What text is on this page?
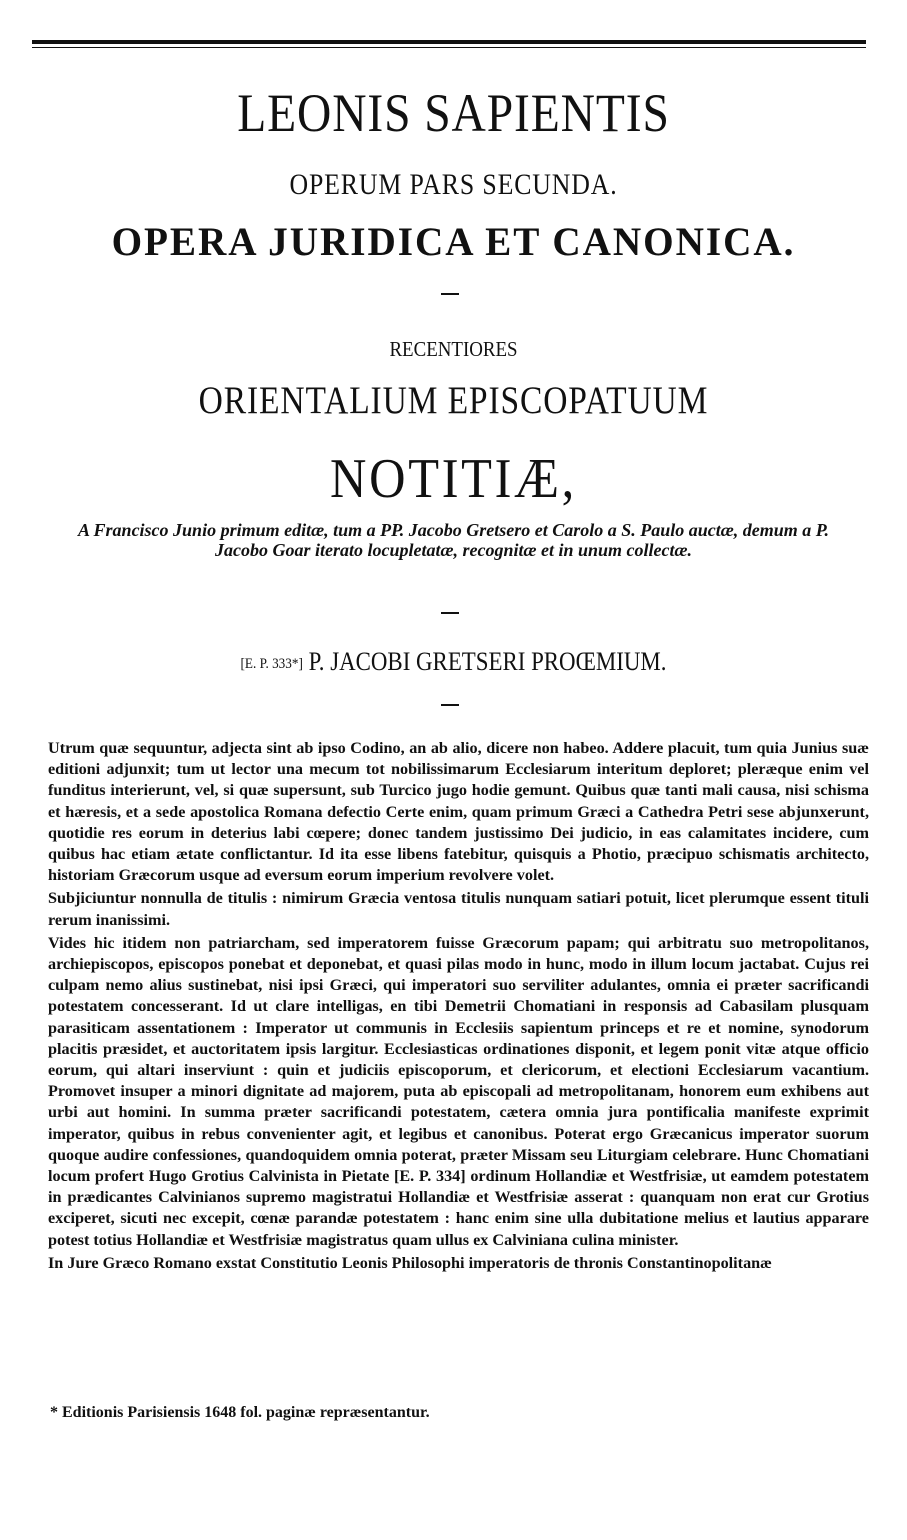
LEONIS SAPIENTIS
OPERUM PARS SECUNDA.
OPERA JURIDICA ET CANONICA.
RECENTIORES
ORIENTALIUM EPISCOPATUUM
NOTITIÆ,
A Francisco Junio primum editæ, tum a PP. Jacobo Gretsero et Carolo a S. Paulo auctæ, demum a P. Jacobo Goar iterato locupletatæ, recognitæ et in unum collectæ.
[E. P. 333*] P. JACOBI GRETSERI PROŒMIUM.

Utrum quæ sequuntur, adjecta sint ab ipso Codino, an ab alio, dicere non habeo. Addere placuit, tum quia Junius suæ editioni adjunxit; tum ut lector una mecum tot nobilissimarum Ecclesiarum interitum deploret; pleræque enim vel funditus interierunt, vel, si quæ supersunt, sub Turcico jugo hodie gemunt. Quibus quæ tanti mali causa, nisi schisma et hæresis, et a sede apostolica Romana defectio Certe enim, quam primum Græci a Cathedra Petri sese abjunxerunt, quotidie res eorum in deterius labi cœpere; donec tandem justissimo Dei judicio, in eas calamitates incidere, cum quibus hac etiam ætate conflictantur. Id ita esse libens fatebitur, quisquis a Photio, præcipuo schismatis architecto, historiam Græcorum usque ad eversum eorum imperium revolvere volet.

Subjiciuntur nonnulla de titulis : nimirum Græcia ventosa titulis nunquam satiari potuit, licet plerumque essent tituli rerum inanissimi.

Vides hic itidem non patriarcham, sed imperatorem fuisse Græcorum papam; qui arbitratu suo metropolitanos, archiepiscopos, episcopos ponebat et deponebat, et quasi pilas modo in hunc, modo in illum locum jactabat. Cujus rei culpam nemo alius sustinebat, nisi ipsi Græci, qui imperatori suo serviliter adulantes, omnia ei præter sacrificandi potestatem concesserant. Id ut clare intelligas, en tibi Demetrii Chomatiani in responsis ad Cabasilam plusquam parasiticam assentationem : Imperator ut communis in Ecclesiis sapientum princeps et re et nomine, synodorum placitis præsidet, et auctoritatem ipsis largitur. Ecclesiasticas ordinationes disponit, et legem ponit vitæ atque officio eorum, qui altari inserviunt : quin et judiciis episcoporum, et clericorum, et electioni Ecclesiarum vacantium. Promovet insuper a minori dignitate ad majorem, puta ab episcopali ad metropolitanam, honorem eum exhibens aut urbi aut homini. In summa præter sacrificandi potestatem, cætera omnia jura pontificalia manifeste exprimit imperator, quibus in rebus convenienter agit, et legibus et canonibus. Poterat ergo Græcanicus imperator suorum quoque audire confessiones, quandoquidem omnia poterat, præter Missam seu Liturgiam celebrare. Hunc Chomatiani locum profert Hugo Grotius Calvinista in Pietate [E. P. 334] ordinum Hollandiæ et Westfrisiæ, ut eamdem potestatem in prædicantes Calvinianos supremo magistratui Hollandiæ et Westfrisiæ asserat : quanquam non erat cur Grotius exciperet, sicuti nec excepit, cœnæ parandæ potestatem : hanc enim sine ulla dubitatione melius et lautius apparare potest totius Hollandiæ et Westfrisiæ magistratus quam ullus ex Calviniana culina minister.

In Jure Græco Romano exstat Constitutio Leonis Philosophi imperatoris de thronis Constantinopolitanæ

* Editionis Parisiensis 1648 fol. paginæ repræsentantur.
